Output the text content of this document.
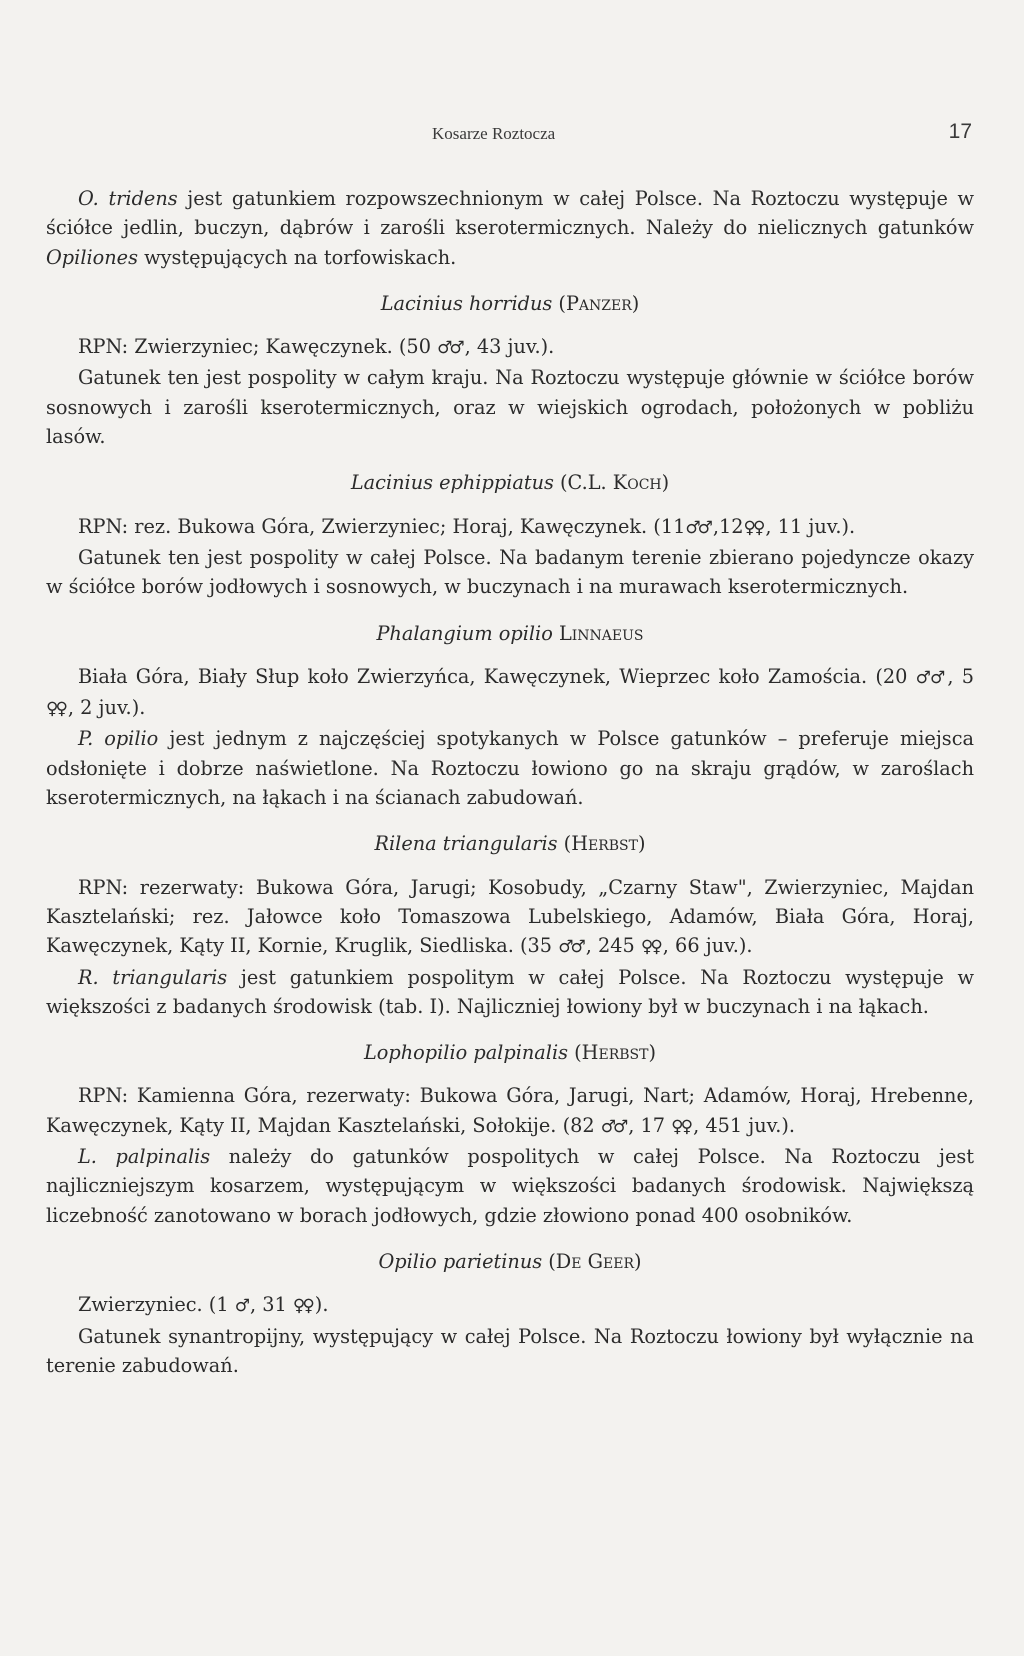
Kosarze Roztocza	17

O. tridens jest gatunkiem rozpowszechnionym w całej Polsce. Na Roztoczu występuje w ściółce jedlin, buczyn, dąbrów i zarośli kserotermicznych. Należy do nielicznych gatunków Opiliones występujących na torfowiskach.

Lacinius horridus (Panzer)

RPN: Zwierzyniec; Kawęczynek. (50 ♂♂ , 43 juv.).

Gatunek ten jest pospolity w całym kraju. Na Roztoczu występuje głównie w ściółce borów sosnowych i zarośli kserotermicznych, oraz w wiejskich ogrodach, położonych w pobliżu lasów.

Lacinius ephippiatus (C.L. Koch)

RPN: rez. Bukowa Góra, Zwierzyniec; Horaj, Kawęczynek. (11♂♂ ,12♀♀ , 11 juv.).

Gatunek ten jest pospolity w całej Polsce. Na badanym terenie zbierano pojedyncze okazy w ściółce borów jodłowych i sosnowych, w buczynach i na murawach kserotermicznych.

Phalangium opilio Linnaeus

Biała Góra, Biały Słup koło Zwierzyńca, Kawęczynek, Wieprzec koło Zamościa. (20 ♂♂ , 5 ♀♀ , 2 juv.).

P. opilio jest jednym z najczęściej spotykanych w Polsce gatunków – preferuje miejsca odsłonięte i dobrze naświetlone. Na Roztoczu łowiono go na skraju grądów, w zaroślach kserotermicznych, na łąkach i na ścianach zabudowań.

Rilena triangularis (Herbst)

RPN: rezerwaty: Bukowa Góra, Jarugi; Kosobudy, „Czarny Staw", Zwierzyniec, Majdan Kasztelański; rez. Jałowce koło Tomaszowa Lubelskiego, Adamów, Biała Góra, Horaj, Kawęczynek, Kąty II, Kornie, Kruglik, Siedliska. (35 ♂♂ , 245 ♀♀ , 66 juv.).

R. triangularis jest gatunkiem pospolitym w całej Polsce. Na Roztoczu występuje w większości z badanych środowisk (tab. I). Najliczniej łowiony był w buczynach i na łąkach.

Lophopilio palpinalis (Herbst)

RPN: Kamienna Góra, rezerwaty: Bukowa Góra, Jarugi, Nart; Adamów, Horaj, Hrebenne, Kawęczynek, Kąty II, Majdan Kasztelański, Sołokije. (82 ♂♂ , 17 ♀♀ , 451 juv.).

L. palpinalis należy do gatunków pospolitych w całej Polsce. Na Roztoczu jest najliczniejszym kosarzem, występującym w większości badanych środowisk. Największą liczebność zanotowano w borach jodłowych, gdzie złowiono ponad 400 osobników.

Opilio parietinus (De Geer)

Zwierzyniec. (1 ♂ , 31 ♀♀ ).

Gatunek synantropijny, występujący w całej Polsce. Na Roztoczu łowiony był wyłącznie na terenie zabudowań.
